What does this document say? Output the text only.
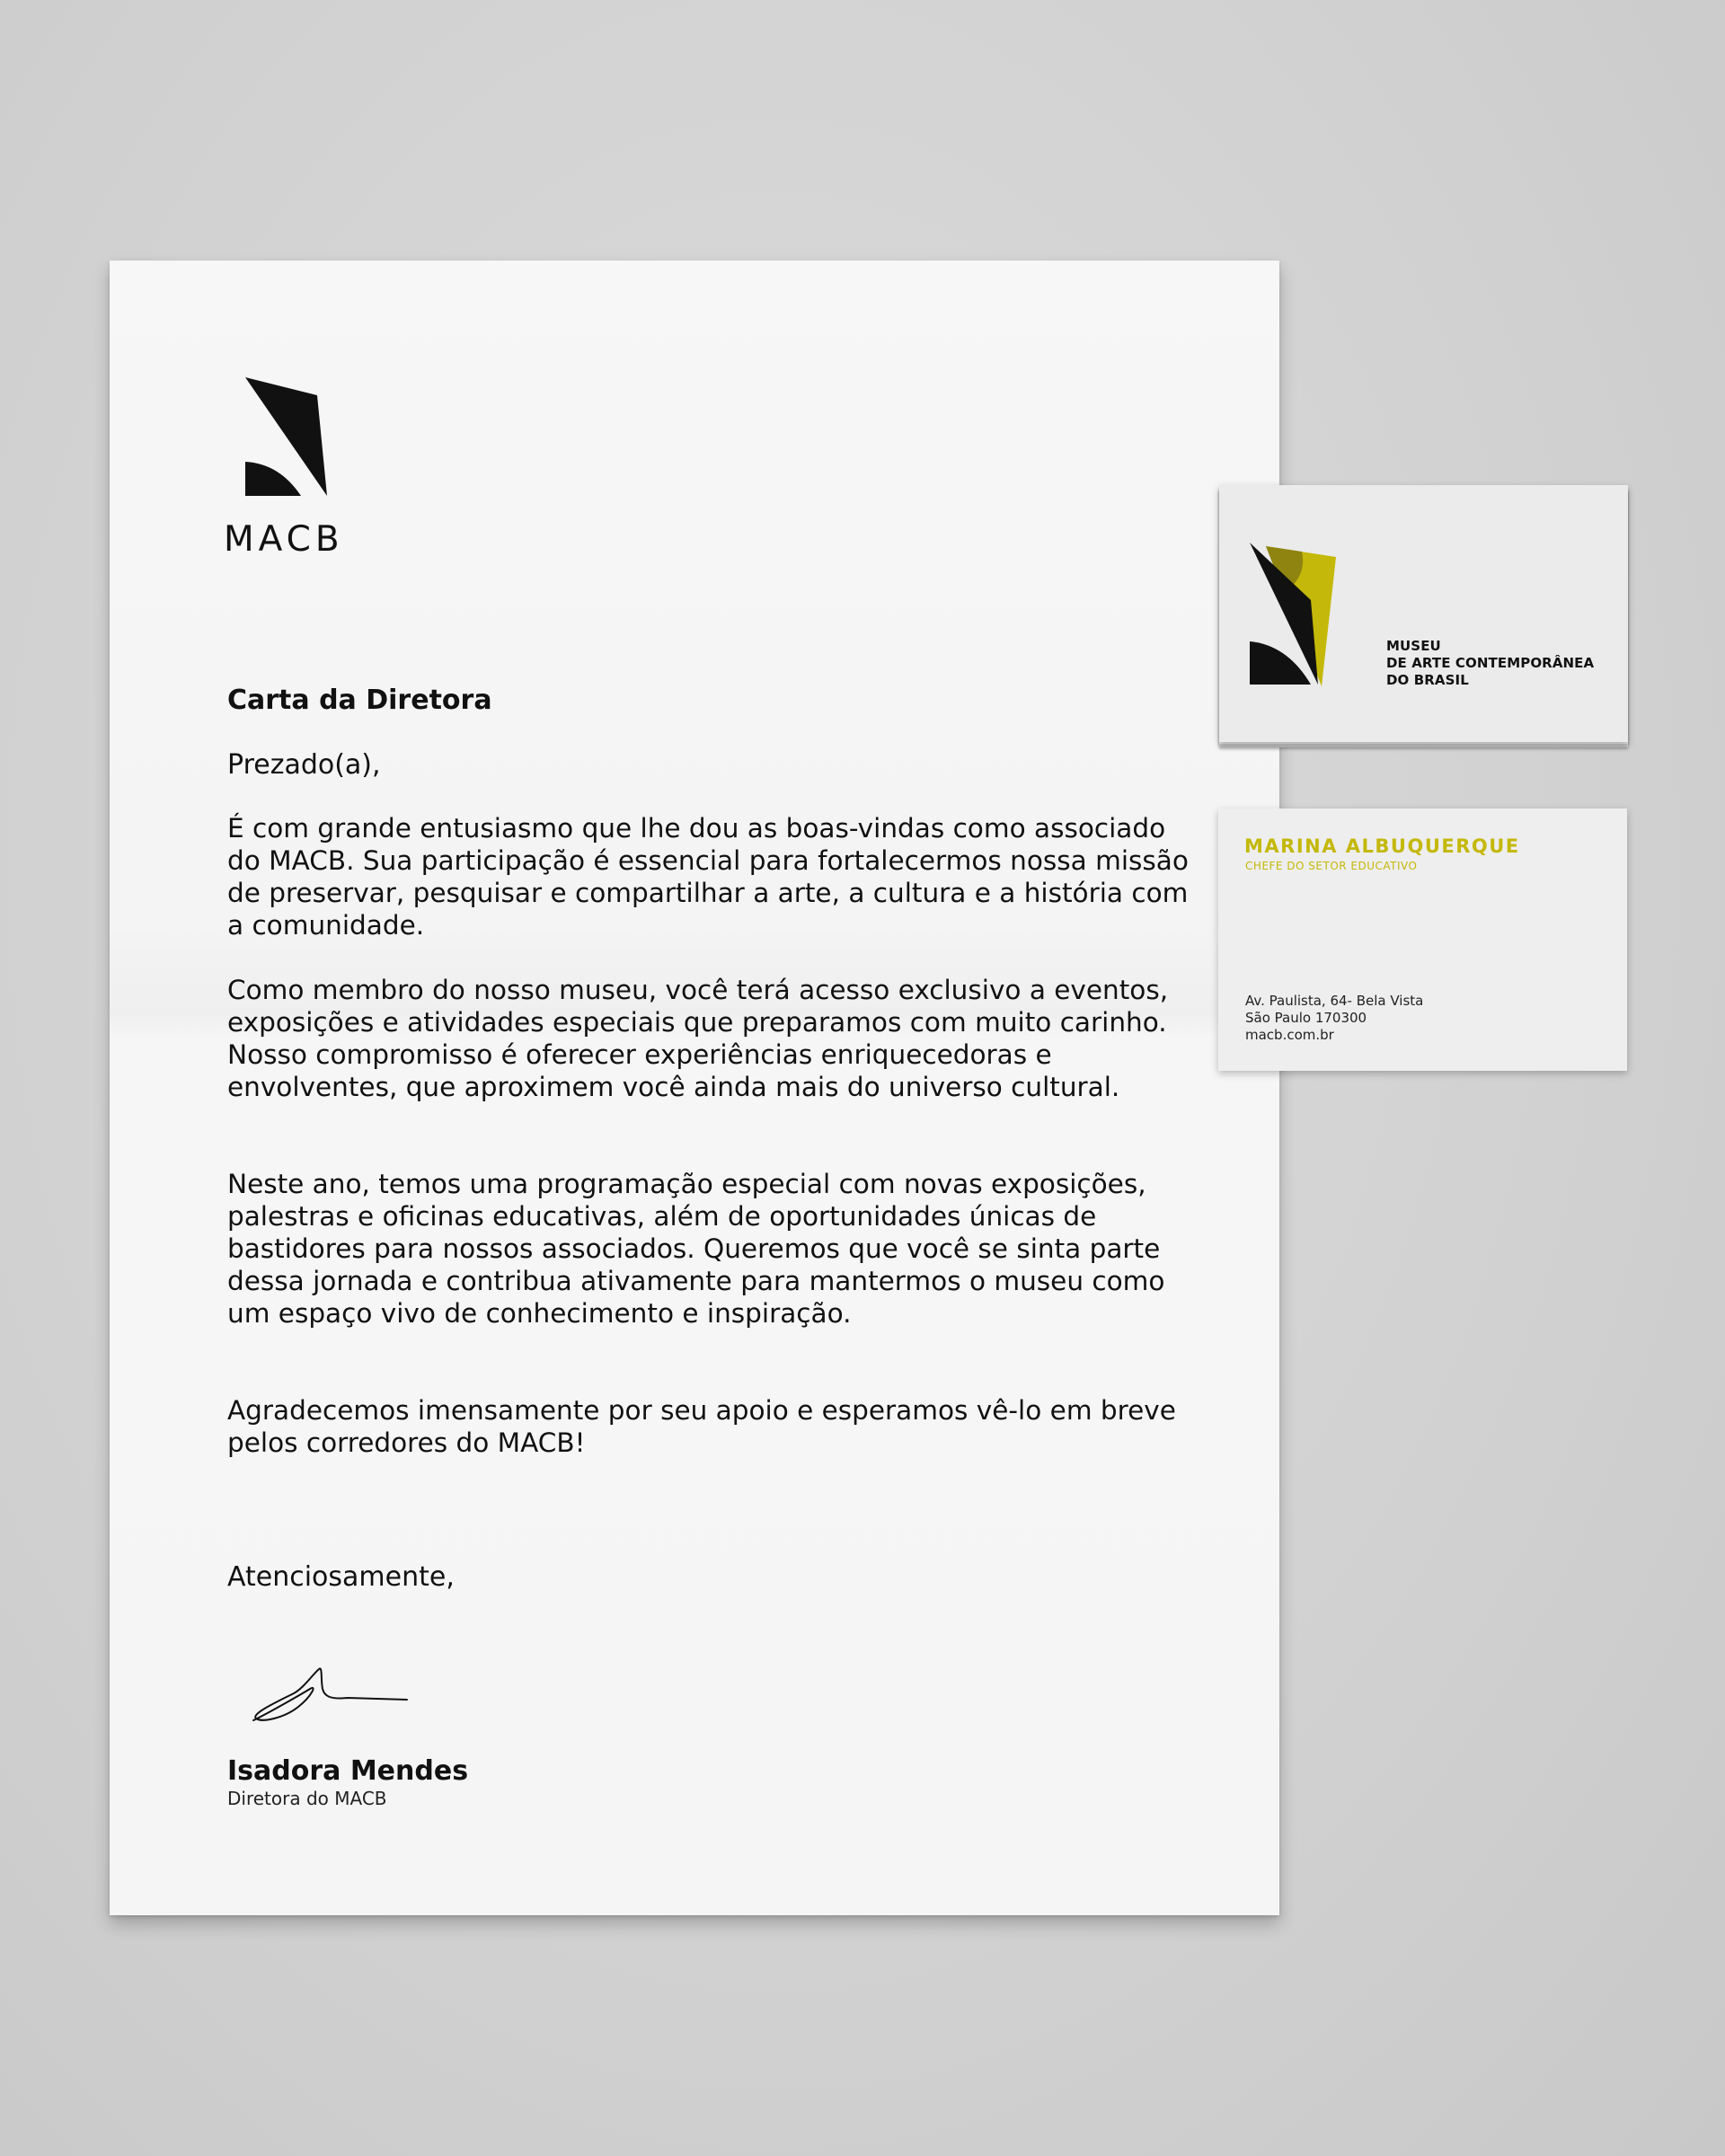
MACB
Carta da Diretora
Prezado(a),

É com grande entusiasmo que lhe dou as boas-vindas como associado do MACB. Sua participação é essencial para fortalecermos nossa missão de preservar, pesquisar e compartilhar a arte, a cultura e a história com a comunidade.

Como membro do nosso museu, você terá acesso exclusivo a eventos, exposições e atividades especiais que preparamos com muito carinho. Nosso compromisso é oferecer experiências enriquecedoras e envolventes, que aproximem você ainda mais do universo cultural.

Neste ano, temos uma programação especial com novas exposições, palestras e oficinas educativas, além de oportunidades únicas de bastidores para nossos associados. Queremos que você se sinta parte dessa jornada e contribua ativamente para mantermos o museu como um espaço vivo de conhecimento e inspiração.

Agradecemos imensamente por seu apoio e esperamos vê-lo em breve pelos corredores do MACB!

Atenciosamente,
Isadora Mendes
Diretora do MACB
MUSEU
DE ARTE CONTEMPORÂNEA
DO BRASIL
MARINA ALBUQUERQUE
CHEFE DO SETOR EDUCATIVO
Av. Paulista, 64- Bela Vista
São Paulo 170300
macb.com.br
